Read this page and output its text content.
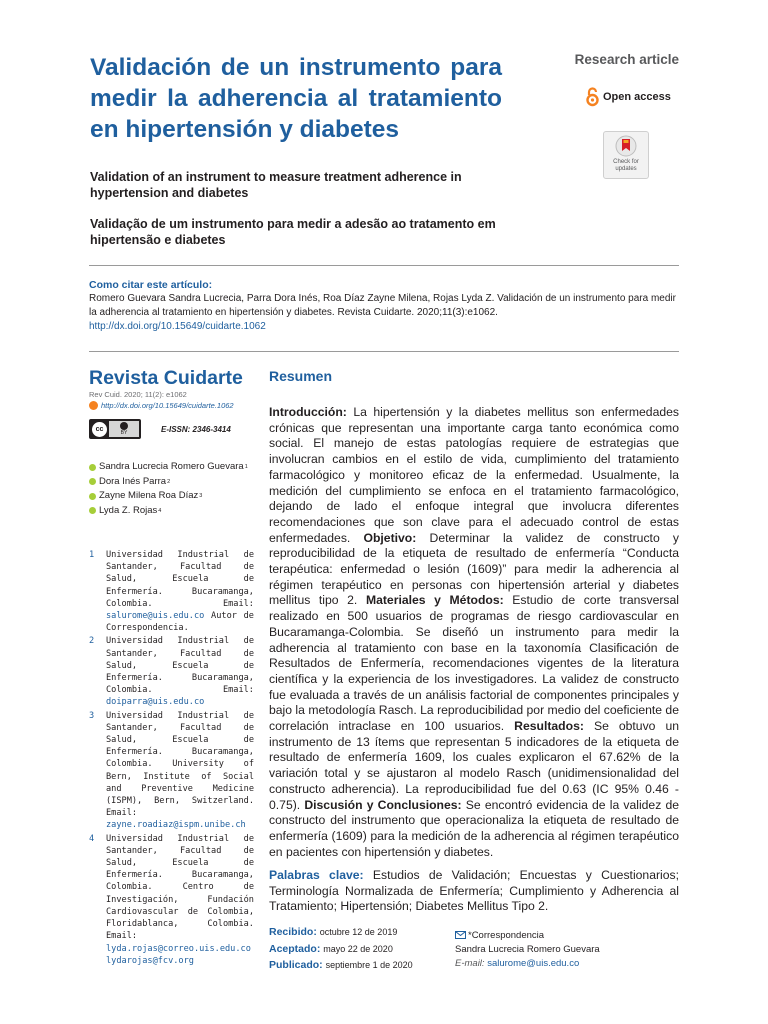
Validación de un instrumento para medir la adherencia al tratamiento en hipertensión y diabetes
Validation of an instrument to measure treatment adherence in hypertension and diabetes
Validação de um instrumento para medir a adesão ao tratamento em hipertensão e diabetes
Research article
Open access
Check for updates
Como citar este artículo:
Romero Guevara Sandra Lucrecia, Parra Dora Inés, Roa Díaz Zayne Milena, Rojas Lyda Z. Validación de un instrumento para medir la adherencia al tratamiento en hipertensión y diabetes. Revista Cuidarte. 2020;11(3):e1062.
http://dx.doi.org/10.15649/cuidarte.1062
Revista Cuidarte
Rev Cuid. 2020; 11(2): e1062
http://dx.doi.org/10.15649/cuidarte.1062
cc
BY	E-ISSN: 2346-3414
Sandra Lucrecia Romero Guevara 1
Dora Inés Parra 2
Zayne Milena Roa Díaz 3
Lyda Z. Rojas 4
1	Universidad Industrial de Santander, Facultad de Salud, Escuela de Enfermería. Bucaramanga, Colombia. Email: salurome@uis.edu.co Autor de Correspondencia.
2	Universidad Industrial de Santander, Facultad de Salud, Escuela de Enfermería. Bucaramanga, Colombia. Email: doiparra@uis.edu.co
3	Universidad Industrial de Santander, Facultad de Salud, Escuela de Enfermería. Bucaramanga, Colombia. University of Bern, Institute of Social and Preventive Medicine (ISPM), Bern, Switzerland. Email: zayne.roadiaz@ispm.unibe.ch
4	Universidad Industrial de Santander, Facultad de Salud, Escuela de Enfermería. Bucaramanga, Colombia. Centro de Investigación, Fundación Cardiovascular de Colombia, Floridablanca, Colombia. Email: lyda.rojas@correo.uis.edu.co lydarojas@fcv.org
Resumen
Introducción: La hipertensión y la diabetes mellitus son enfermedades crónicas que representan una importante carga tanto económica como social. El manejo de estas patologías requiere de estrategias que involucran cambios en el estilo de vida, cumplimiento del tratamiento farmacológico y monitoreo eficaz de la enfermedad. Usualmente, la medición del cumplimiento se enfoca en el tratamiento farmacológico, dejando de lado el enfoque integral que involucra diferentes recomendaciones que son clave para el adecuado control de estas enfermedades. Objetivo: Determinar la validez de constructo y reproducibilidad de la etiqueta de resultado de enfermería “Conducta terapéutica: enfermedad o lesión (1609)” para medir la adherencia al régimen terapéutico en personas con hipertensión arterial y diabetes mellitus tipo 2. Materiales y Métodos: Estudio de corte transversal realizado en 500 usuarios de programas de riesgo cardiovascular en Bucaramanga-Colombia. Se diseñó un instrumento para medir la adherencia al tratamiento con base en la taxonomía Clasificación de Resultados de Enfermería, recomendaciones vigentes de la literatura científica y la experiencia de los investigadores. La validez de constructo fue evaluada a través de un análisis factorial de componentes principales y bajo la metodología Rasch. La reproducibilidad por medio del coeficiente de correlación intraclase en 100 usuarios. Resultados: Se obtuvo un instrumento de 13 ítems que representan 5 indicadores de la etiqueta de resultado de enfermería 1609, los cuales explicaron el 67.62% de la variación total y se ajustaron al modelo Rasch (unidimensionalidad del constructo adherencia). La reproducibilidad fue del 0.63 (IC 95% 0.46 - 0.75). Discusión y Conclusiones: Se encontró evidencia de la validez de constructo del instrumento que operacionaliza la etiqueta de resultado de enfermería (1609) para la medición de la adherencia al régimen terapéutico en pacientes con hipertensión y diabetes.
Palabras clave: Estudios de Validación; Encuestas y Cuestionarios; Terminología Normalizada de Enfermería; Cumplimiento y Adherencia al Tratamiento; Hipertensión; Diabetes Mellitus Tipo 2.
Recibido: octubre 12 de 2019
Aceptado: mayo 22 de 2020
Publicado: septiembre 1 de 2020
*Correspondencia
Sandra Lucrecia Romero Guevara
E-mail: salurome@uis.edu.co
